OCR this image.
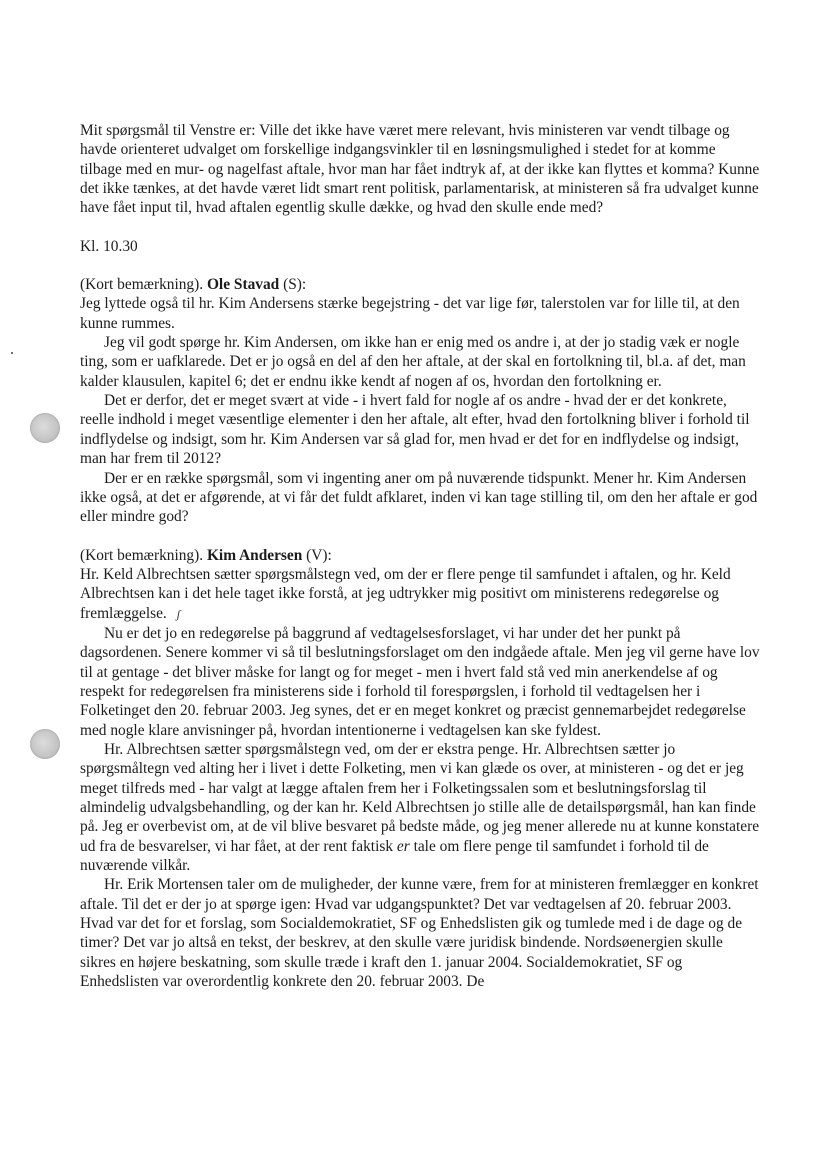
Mit spørgsmål til Venstre er: Ville det ikke have været mere relevant, hvis ministeren var vendt tilbage og havde orienteret udvalget om forskellige indgangsvinkler til en løsningsmulighed i stedet for at komme tilbage med en mur- og nagelfast aftale, hvor man har fået indtryk af, at der ikke kan flyttes et komma? Kunne det ikke tænkes, at det havde været lidt smart rent politisk, parlamentarisk, at ministeren så fra udvalget kunne have fået input til, hvad aftalen egentlig skulle dække, og hvad den skulle ende med?

Kl. 10.30

(Kort bemærkning). Ole Stavad (S):

Jeg lyttede også til hr. Kim Andersens stærke begejstring - det var lige før, talerstolen var for lille til, at den kunne rummes.

Jeg vil godt spørge hr. Kim Andersen, om ikke han er enig med os andre i, at der jo stadig væk er nogle ting, som er uafklarede. Det er jo også en del af den her aftale, at der skal en fortolkning til, bl.a. af det, man kalder klausulen, kapitel 6; det er endnu ikke kendt af nogen af os, hvordan den fortolkning er.

Det er derfor, det er meget svært at vide - i hvert fald for nogle af os andre - hvad der er det konkrete, reelle indhold i meget væsentlige elementer i den her aftale, alt efter, hvad den fortolkning bliver i forhold til indflydelse og indsigt, som hr. Kim Andersen var så glad for, men hvad er det for en indflydelse og indsigt, man har frem til 2012?

Der er en række spørgsmål, som vi ingenting aner om på nuværende tidspunkt. Mener hr. Kim Andersen ikke også, at det er afgørende, at vi får det fuldt afklaret, inden vi kan tage stilling til, om den her aftale er god eller mindre god?

(Kort bemærkning). Kim Andersen (V):

Hr. Keld Albrechtsen sætter spørgsmålstegn ved, om der er flere penge til samfundet i aftalen, og hr. Keld Albrechtsen kan i det hele taget ikke forstå, at jeg udtrykker mig positivt om ministerens redegørelse og fremlæggelse. ʃ

Nu er det jo en redegørelse på baggrund af vedtagelsesforslaget, vi har under det her punkt på dagsordenen. Senere kommer vi så til beslutningsforslaget om den indgåede aftale. Men jeg vil gerne have lov til at gentage - det bliver måske for langt og for meget - men i hvert fald stå ved min anerkendelse af og respekt for redegørelsen fra ministerens side i forhold til forespørgslen, i forhold til vedtagelsen her i Folketinget den 20. februar 2003. Jeg synes, det er en meget konkret og præcist gennemarbejdet redegørelse med nogle klare anvisninger på, hvordan intentionerne i vedtagelsen kan ske fyldest.

Hr. Albrechtsen sætter spørgsmålstegn ved, om der er ekstra penge. Hr. Albrechtsen sætter jo spørgsmåltegn ved alting her i livet i dette Folketing, men vi kan glæde os over, at ministeren - og det er jeg meget tilfreds med - har valgt at lægge aftalen frem her i Folketingssalen som et beslutningsforslag til almindelig udvalgsbehandling, og der kan hr. Keld Albrechtsen jo stille alle de detailspørgsmål, han kan finde på. Jeg er overbevist om, at de vil blive besvaret på bedste måde, og jeg mener allerede nu at kunne konstatere ud fra de besvarelser, vi har fået, at der rent faktisk er tale om flere penge til samfundet i forhold til de nuværende vilkår.

Hr. Erik Mortensen taler om de muligheder, der kunne være, frem for at ministeren fremlægger en konkret aftale. Til det er der jo at spørge igen: Hvad var udgangspunktet? Det var vedtagelsen af 20. februar 2003. Hvad var det for et forslag, som Socialdemokratiet, SF og Enhedslisten gik og tumlede med i de dage og de timer? Det var jo altså en tekst, der beskrev, at den skulle være juridisk bindende. Nordsøenergien skulle sikres en højere beskatning, som skulle træde i kraft den 1. januar 2004. Socialdemokratiet, SF og Enhedslisten var overordentlig konkrete den 20. februar 2003. De
